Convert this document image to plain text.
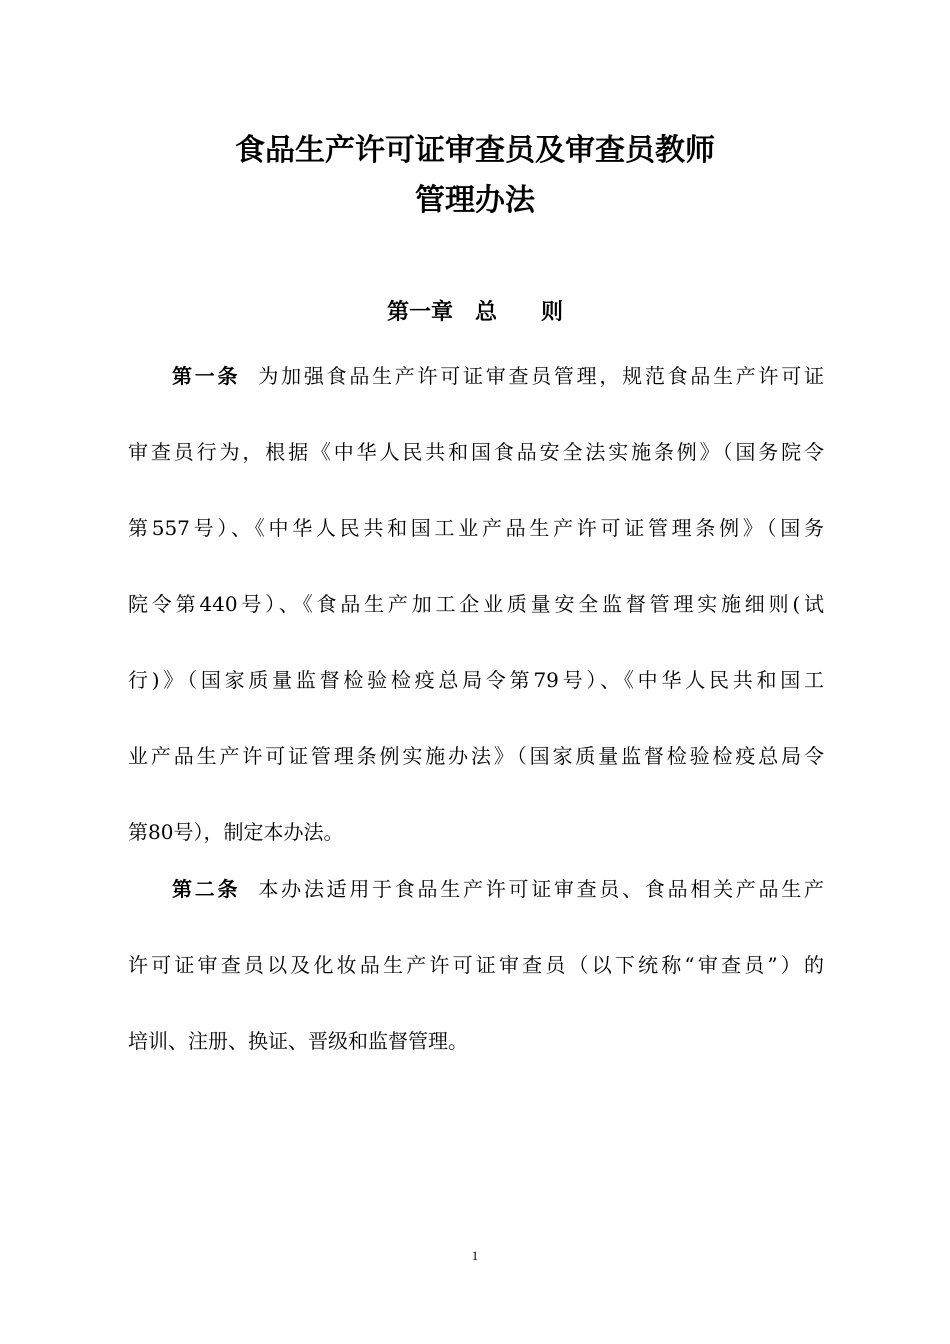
食品生产许可证审查员及审查员教师
管理办法
第一章　总　　则

第一条 为加强食品生产许可证审查员管理，规范食品生产许可证
审查员行为，根据《中华人民共和国食品安全法实施条例》（国务院令
第557号）、《中华人民共和国工业产品生产许可证管理条例》（国务
院令第440号）、《食品生产加工企业质量安全监督管理实施细则(试
行)》（国家质量监督检验检疫总局令第79号）、《中华人民共和国工
业产品生产许可证管理条例实施办法》（国家质量监督检验检疫总局令
第80号），制定本办法。

第二条 本办法适用于食品生产许可证审查员、食品相关产品生产
许可证审查员以及化妆品生产许可证审查员（以下统称“审查员”）的
培训、注册、换证、晋级和监督管理。

1
